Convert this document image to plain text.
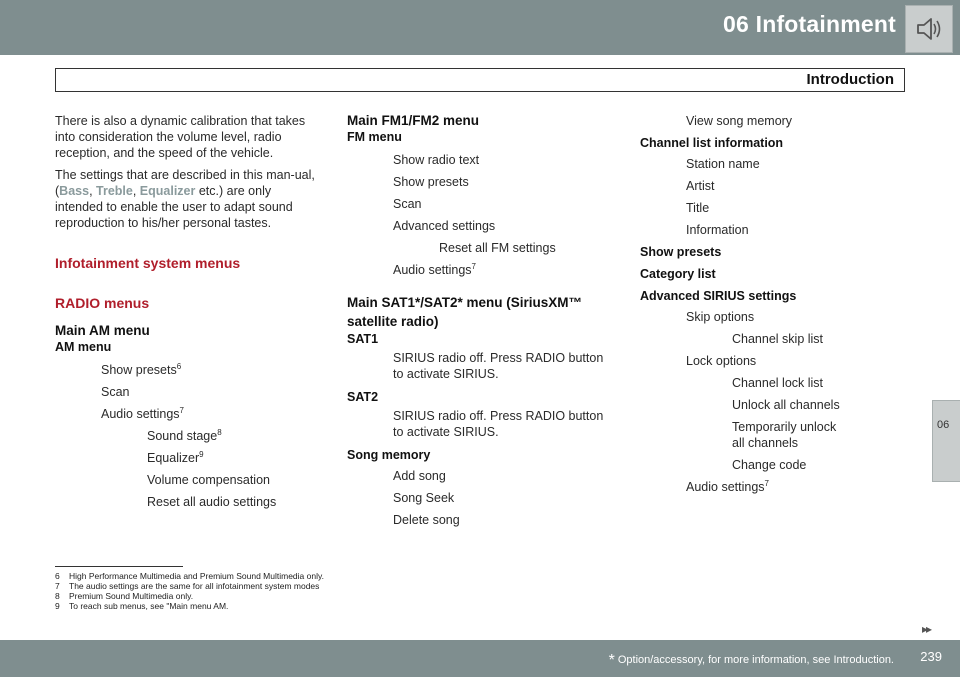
06 Infotainment
Introduction
06

There is also a dynamic calibration that takes into consideration the volume level, radio reception, and the speed of the vehicle.

The settings that are described in this man-ual, (Bass, Treble, Equalizer etc.) are only intended to enable the user to adapt sound reproduction to his/her personal tastes.

Infotainment system menus
RADIO menus
Main AM menu
AM menu
Show presets$^6$
Scan
Audio settings$^7$
Sound stage$^8$
Equalizer$^9$
Volume compensation
Reset all audio settings
Main FM1/FM2 menu
FM menu
Show radio text
Show presets
Scan
Advanced settings
Reset all FM settings
Audio settings$^7$
Main SAT1*/SAT2* menu (SiriusXM™ satellite radio)
SAT1
SIRIUS radio off. Press RADIO button to activate SIRIUS.
SAT2
SIRIUS radio off. Press RADIO button to activate SIRIUS.
Song memory
Add song
Song Seek
Delete song
View song memory
Channel list information
Station name
Artist
Title
Information
Show presets
Category list
Advanced SIRIUS settings
Skip options
Channel skip list
Lock options
Channel lock list
Unlock all channels
Temporarily unlock all channels
Change code
Audio settings$^7$
6	High Performance Multimedia and Premium Sound Multimedia only.
7	The audio settings are the same for all infotainment system modes
8	Premium Sound Multimedia only.
9	To reach sub menus, see "Main menu AM.
▸▸
* Option/accessory, for more information, see Introduction. 239
